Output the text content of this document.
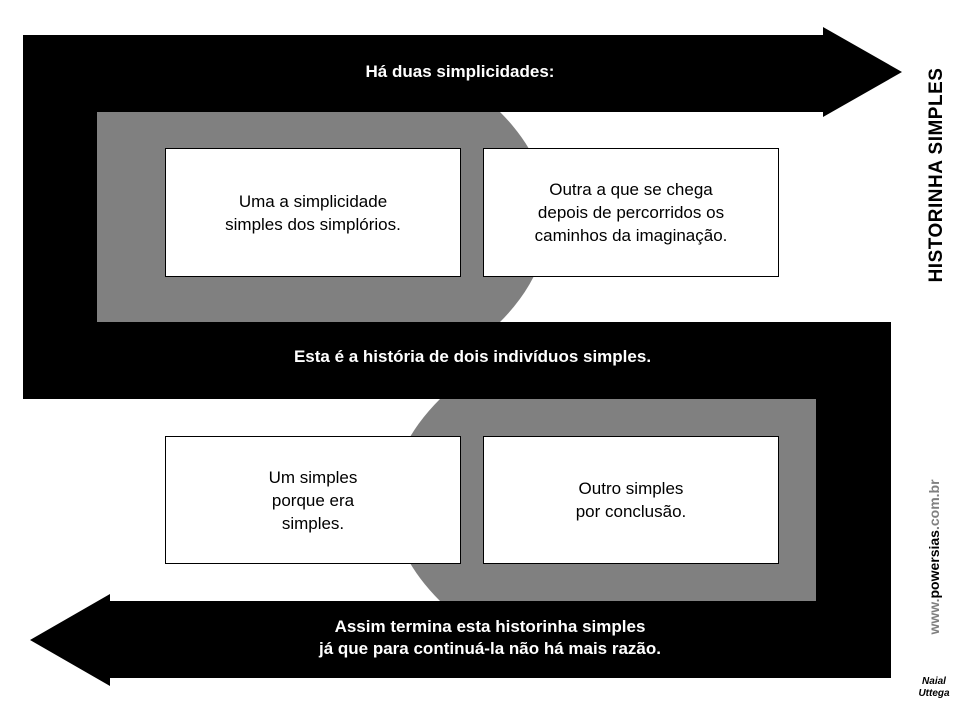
Há duas simplicidades:
Esta é a história de dois indivíduos simples.
Assim termina esta historinha simples
já que para continuá-la não há mais razão.
Uma a simplicidade
simples dos simplórios.
Outra a que se chega
depois de percorridos os
caminhos da imaginação.
Um simples
porque era
simples.
Outro simples
por conclusão.
HISTORINHA SIMPLES
www.powersias.com.br
Naial
Uttega
